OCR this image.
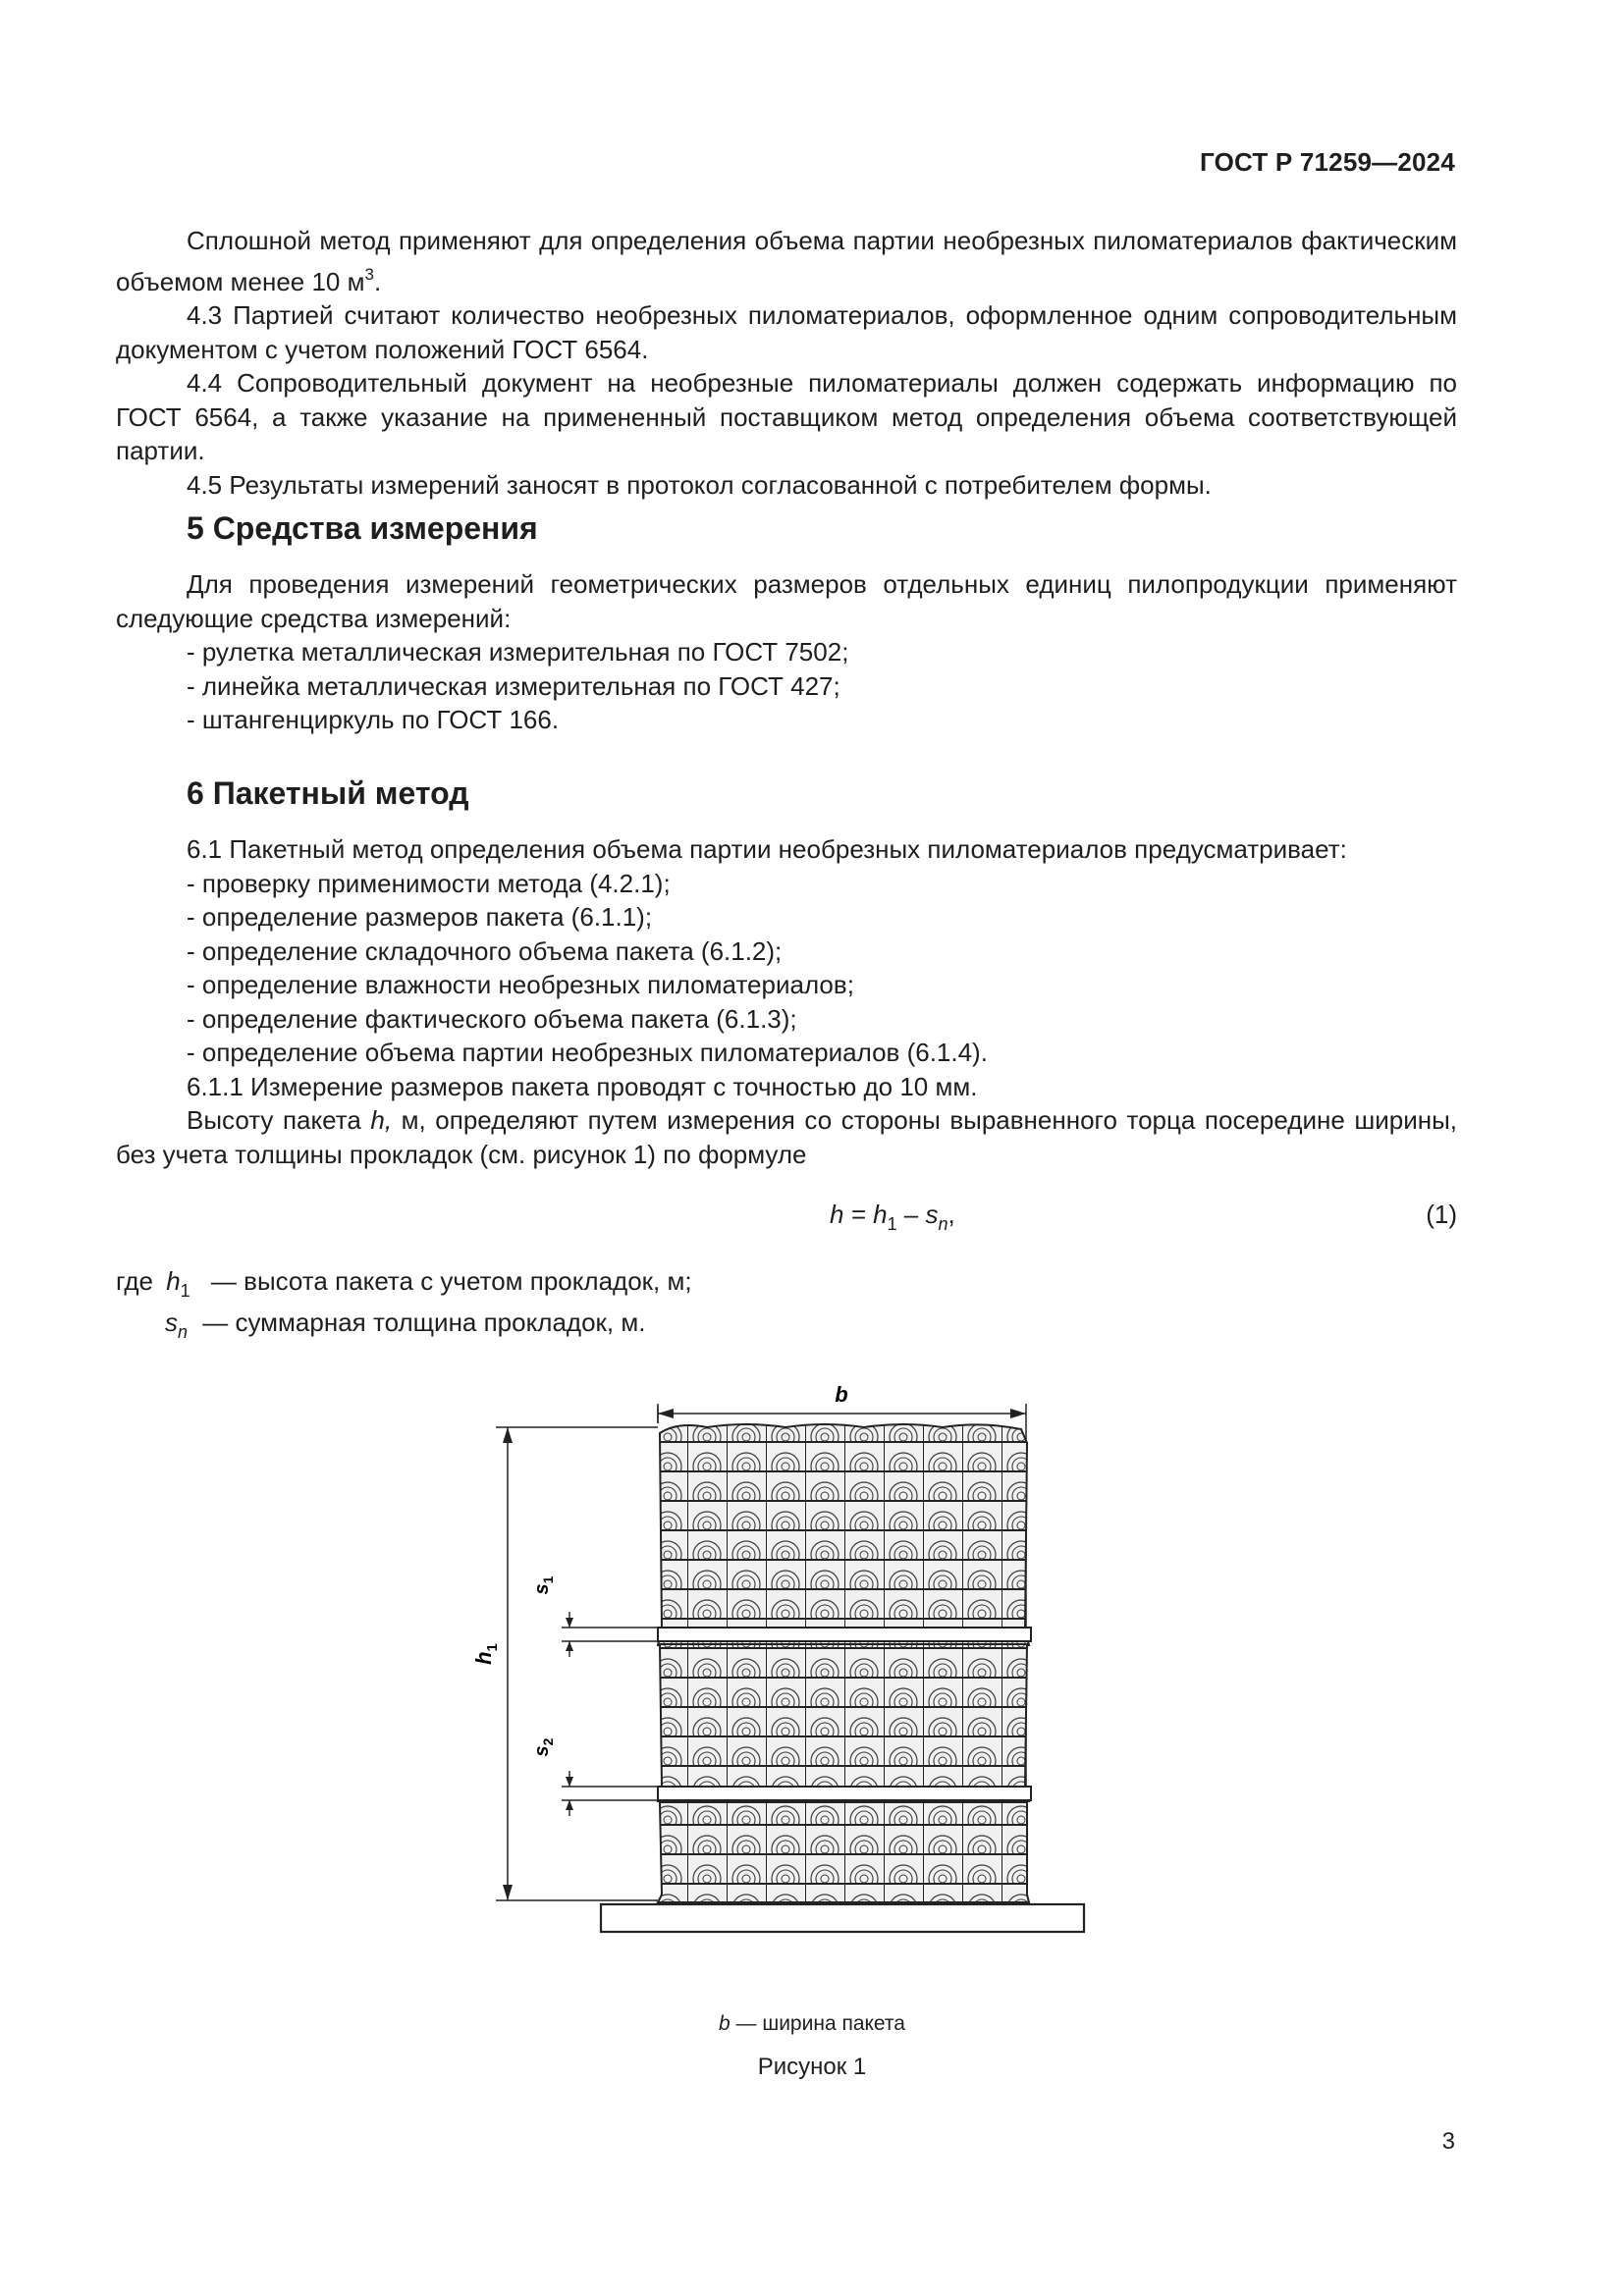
ГОСТ Р 71259—2024

Сплошной метод применяют для определения объема партии необрезных пиломатериалов фактическим объемом менее 10 $м^3$.

4.3 Партией считают количество необрезных пиломатериалов, оформленное одним сопроводительным документом с учетом положений ГОСТ 6564.

4.4 Сопроводительный документ на необрезные пиломатериалы должен содержать информацию по ГОСТ 6564, а также указание на примененный поставщиком метод определения объема соответствующей партии.

4.5 Результаты измерений заносят в протокол согласованной с потребителем формы.

5 Средства измерения

Для проведения измерений геометрических размеров отдельных единиц пилопродукции применяют следующие средства измерений:

- рулетка металлическая измерительная по ГОСТ 7502;

- линейка металлическая измерительная по ГОСТ 427;

- штангенциркуль по ГОСТ 166.

6 Пакетный метод

6.1 Пакетный метод определения объема партии необрезных пиломатериалов предусматривает:

- проверку применимости метода (4.2.1);

- определение размеров пакета (6.1.1);

- определение складочного объема пакета (6.1.2);

- определение влажности необрезных пиломатериалов;

- определение фактического объема пакета (6.1.3);

- определение объема партии необрезных пиломатериалов (6.1.4).

6.1.1 Измерение размеров пакета проводят с точностью до 10 мм.

Высоту пакета h, м, определяют путем измерения со стороны выравненного торца посередине ширины, без учета толщины прокладок (см. рисунок 1) по формуле

$h = h_1 - s_n$,	(1)
где $h_1$ — высота пакета с учетом прокладок, м;
$s_n$ — суммарная толщина прокладок, м.
b
$h_1$
$s_1$
$s_2$
b — ширина пакета
Рисунок 1
3
